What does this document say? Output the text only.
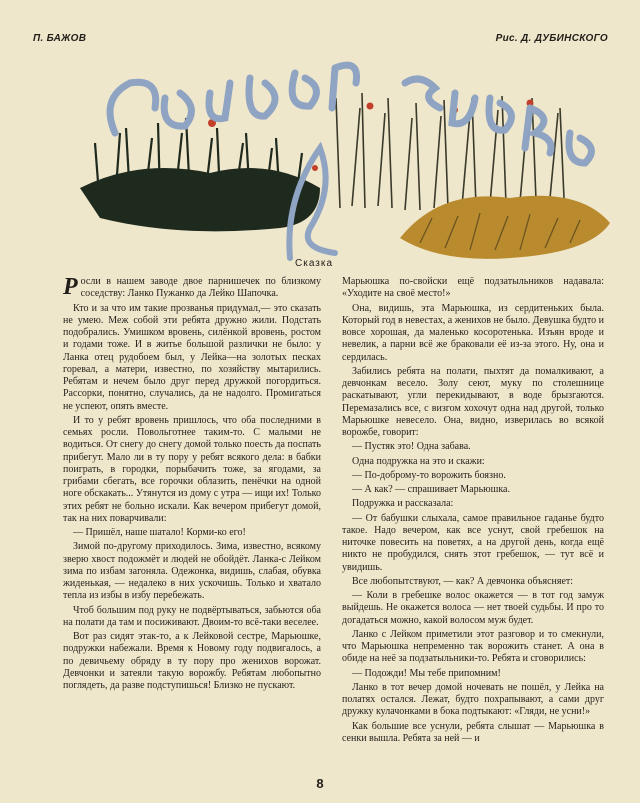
П. БАЖОВ	Рис. Д. ДУБИНСКОГО
Сказка

Росли в нашем заводе двое парнишечек по близкому соседству: Ланко Пужанко да Лейко Шапочка.

Кто и за что им такие прозванья придумал,— это сказать не умею. Меж собой эти ребята дружно жили. Подстать подобрались. Умишком вровень, силёнкой вровень, ростом и годами тоже. И в житье большой различки не было: у Ланка отец рудобоем был, у Лейка—на золотых песках горевал, а матери, известно, по хозяйству мытарились. Ребятам и нечем было друг перед дружкой погордиться. Рассорки, понятно, случались, да не надолго. Промигаться не успеют, опять вместе.

И то у ребят вровень пришлось, что оба последними в семьях росли. Повольготнее таким-то. С малыми не водиться. От снегу до снегу домой только поесть да поспать прибегут. Мало ли в ту пору у ребят всякого дела: в бабки поиграть, в городки, порыбачить тоже, за ягодами, за грибами сбегать, все горочки облазить, пенёчки на одной ноге обскакать... Утянутся из дому с утра — ищи их! Только этих ребят не больно искали. Как вечером прибегут домой, так на них поварчивали:

— Пришёл, наше шатало! Корми-ко его!

Зимой по-другому приходилось. Зима, известно, всякому зверю хвост подожмёт и людей не обойдёт. Ланка-с Лейком зима по избам загоняла. Одежонка, видишь, слабая, обувка жиденькая, — недалеко в них ускочишь. Только и хватало тепла из избы в избу перебежать.

Чтоб большим под руку не подвёртываться, забьются оба на полати да там и посиживают. Двоим-то всё-таки веселее.

Вот раз сидят этак-то, а к Лейковой сестре, Марьюшке, подружки набежали. Время к Новому году подвигалось, а по девичьему обряду в ту пору про женихов ворожат. Девчонки и затеяли такую ворожбу. Ребятам любопытно поглядеть, да разве подступишься! Близко не пускают.

Марьюшка по-свойски ещё подзатыльников надавала: «Уходите на своё место!»

Она, видишь, эта Марьюшка, из сердитеньких была. Который год в невестах, а женихов не было. Девушка будто и вовсе хорошая, да маленько косоротенька. Изъян вроде и невелик, а парни всё же браковали её из-за этого. Ну, она и сердилась.

Забились ребята на полати, пыхтят да помалкивают, а девчонкам весело. Золу сеют, муку по столешнице раскатывают, угли перекидывают, в воде брызгаются. Перемазались все, с визгом хохочут одна над другой, только Марьюшке невесело. Она, видно, изверилась во всякой ворожбе, говорит:

— Пустяк это! Одна забава.

Одна подружка на это и скажи:

— По-доброму-то ворожить боязно.

— А как? — спрашивает Марьюшка.

Подружка и рассказала:

— От бабушки слыхала, самое правильное гаданье будто такое. Надо вечером, как все уснут, свой гребешок на ниточке повесить на поветях, а на другой день, когда ещё никто не пробудился, снять этот гребешок, — тут всё и увидишь.

Все любопытствуют, — как? А девчонка объясняет:

— Коли в гребешке волос окажется — в тот год замуж выйдешь. Не окажется волоса — нет твоей судьбы. И про то догадаться можно, какой волосом муж будет.

Ланко с Лейком приметили этот разговор и то смекнули, что Марьюшка непременно так ворожить станет. А она в обиде на неё за подзатыльники-то. Ребята и сговорились:

— Подожди! Мы тебе припомним!

Ланко в тот вечер домой ночевать не пошёл, у Лейка на полатях остался. Лежат, будто похрапывают, а сами друг дружку кулачонками в бока подтыкают: «Гляди, не усни!»

Как большие все уснули, ребята слышат — Марьюшка в сенки вышла. Ребята за ней — и

8
